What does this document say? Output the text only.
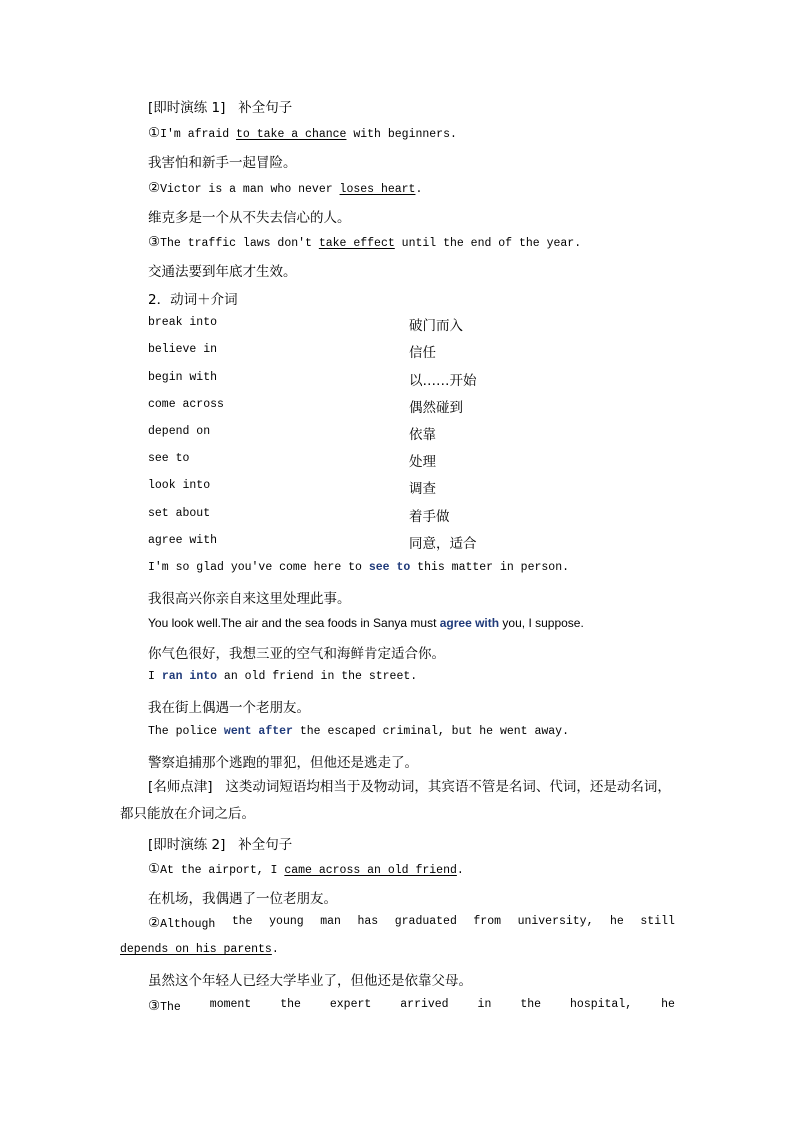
[即时演练 1] 补全句子
①I'm afraid to take a chance with beginners.
我害怕和新手一起冒险。
②Victor is a man who never loses heart.
维克多是一个从不失去信心的人。
③The traffic laws don't take effect until the end of the year.
交通法要到年底才生效。
2．动词＋介词
break into	破门而入
believe in	信任
begin with	以……开始
come across	偶然碰到
depend on	依靠
see to	处理
look into	调查
set about	着手做
agree with	同意，适合
I'm so glad you've come here to see to this matter in person.
我很高兴你亲自来这里处理此事。
You look well.The air and the sea foods in Sanya must agree with you, I suppose.
你气色很好，我想三亚的空气和海鲜肯定适合你。
I ran into an old friend in the street.
我在街上偶遇一个老朋友。
The police went after the escaped criminal, but he went away.
警察追捕那个逃跑的罪犯，但他还是逃走了。
[名师点津] 这类动词短语均相当于及物动词，其宾语不管是名词、代词，还是动名词，都只能放在介词之后。
[即时演练 2] 补全句子
①At the airport, I came across an old friend.
在机场，我偶遇了一位老朋友。
②Although the young man has graduated from university, he still
depends on his parents.
虽然这个年轻人已经大学毕业了，但他还是依靠父母。
③The	moment	the	expert	arrived	in	the	hospital,	he
